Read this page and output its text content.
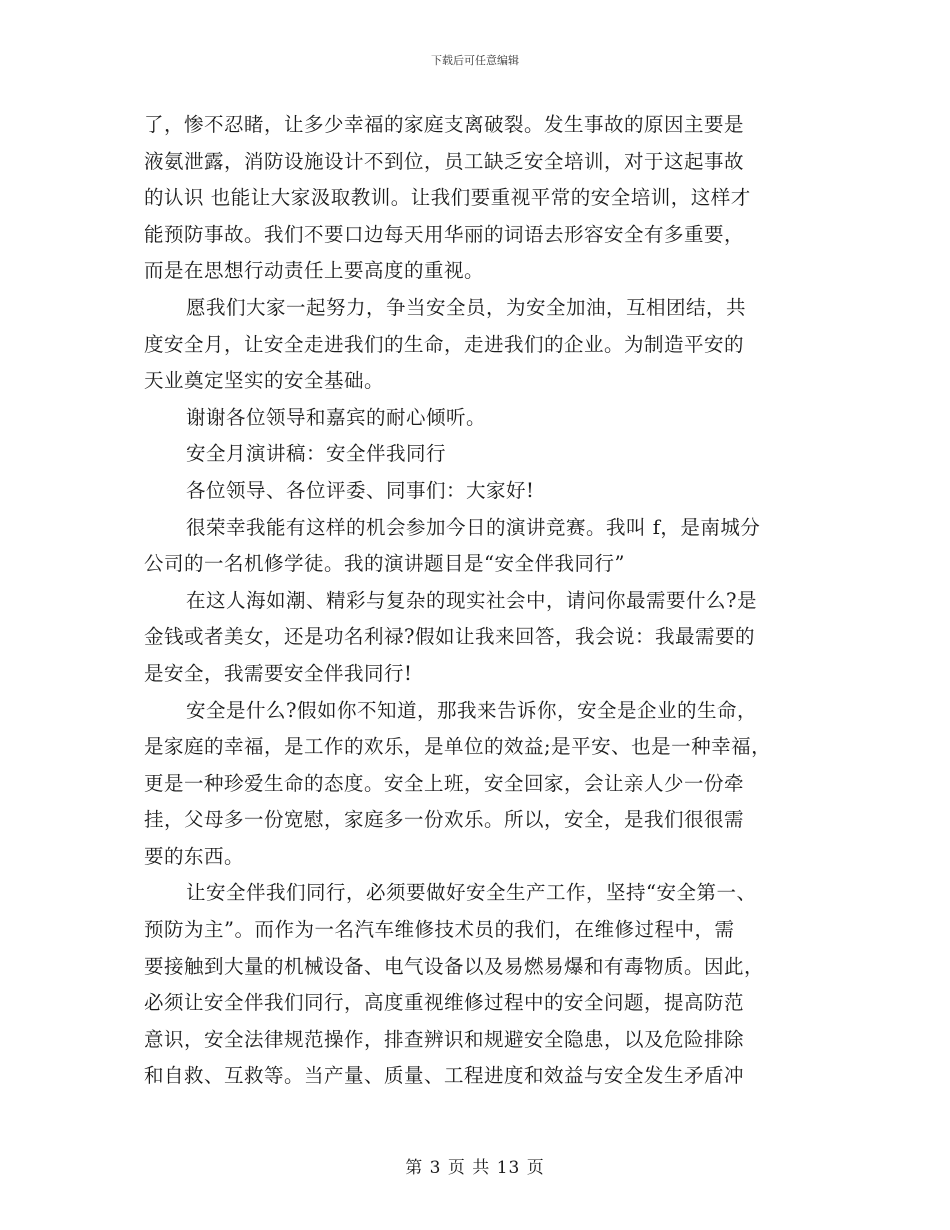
下载后可任意编辑
了，惨不忍睹，让多少幸福的家庭支离破裂。发生事故的原因主要是
液氨泄露，消防设施设计不到位，员工缺乏安全培训，对于这起事故
的认识 也能让大家汲取教训。让我们要重视平常的安全培训，这样才
能预防事故。我们不要口边每天用华丽的词语去形容安全有多重要，
而是在思想行动责任上要高度的重视。
愿我们大家一起努力，争当安全员，为安全加油，互相团结，共
度安全月，让安全走进我们的生命，走进我们的企业。为制造平安的
天业奠定坚实的安全基础。
谢谢各位领导和嘉宾的耐心倾听。
安全月演讲稿：安全伴我同行
各位领导、各位评委、同事们：大家好!
很荣幸我能有这样的机会参加今日的演讲竞赛。我叫 f，是南城分
公司的一名机修学徒。我的演讲题目是“安全伴我同行”
在这人海如潮、精彩与复杂的现实社会中，请问你最需要什么?是
金钱或者美女，还是功名利禄?假如让我来回答，我会说：我最需要的
是安全，我需要安全伴我同行!
安全是什么?假如你不知道，那我来告诉你，安全是企业的生命，
是家庭的幸福，是工作的欢乐，是单位的效益;是平安、也是一种幸福，
更是一种珍爱生命的态度。安全上班，安全回家，会让亲人少一份牵
挂，父母多一份宽慰，家庭多一份欢乐。所以，安全，是我们很很需
要的东西。
让安全伴我们同行，必须要做好安全生产工作，坚持“安全第一、
预防为主”。而作为一名汽车维修技术员的我们，在维修过程中，需
要接触到大量的机械设备、电气设备以及易燃易爆和有毒物质。因此，
必须让安全伴我们同行，高度重视维修过程中的安全问题，提高防范
意识，安全法律规范操作，排查辨识和规避安全隐患，以及危险排除
和自救、互救等。当产量、质量、工程进度和效益与安全发生矛盾冲
第 3 页 共 13 页
